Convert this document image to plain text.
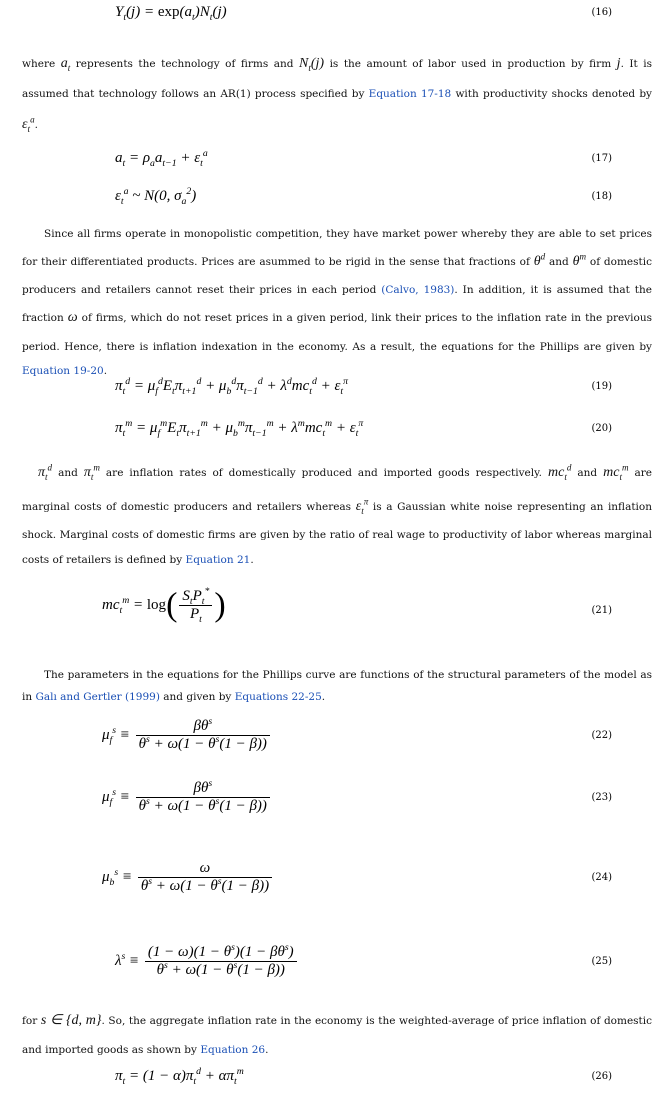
$Y_t(j) = \exp(a_t)N_t(j)$	(16)
where $a_t$ represents the technology of firms and $N_t(j)$ is the amount of labor used in production by firm j. It is assumed that technology follows an AR(1) process specified by Equation 17-18 with productivity shocks denoted by $\varepsilon_t^a$.
$a_t = \rho_aa_{t-1} + \varepsilon_t^a$	(17)
$\varepsilon_t^a$ ~ N(0, $\sigma_a^2$)	(18)
Since all firms operate in monopolistic competition, they have market power whereby they are able to set prices for their differentiated products. Prices are asummed to be rigid in the sense that fractions of $\theta^d$ and $\theta^m$ of domestic producers and retailers cannot reset their prices in each period (Calvo, 1983). In addition, it is assumed that the fraction ω of firms, which do not reset prices in a given period, link their prices to the inflation rate in the previous period. Hence, there is inflation indexation in the economy. As a result, the equations for the Phillips are given by Equation 19-20.
$\pi_t^d = \mu_f^dE_t\pi_{t+1}^d + \mu_b^d\pi_{t-1}^d + \lambda^dmc_t^d + \varepsilon_t^\pi$	(19)
$\pi_t^m = \mu_f^mE_t\pi_{t+1}^m + \mu_b^m\pi_{t-1}^m + \lambda^mmc_t^m + \varepsilon_t^\pi$	(20)
$\pi_t^d$ and $\pi_t^m$ are inflation rates of domestically produced and imported goods respectively. $mc_t^d$ and $mc_t^m$ are marginal costs of domestic producers and retailers whereas $\varepsilon_t^\pi$ is a Gaussian white noise representing an inflation shock. Marginal costs of domestic firms are given by the ratio of real wage to productivity of labor whereas marginal costs of retailers is defined by Equation 21.
$mc_t^m = \log( \frac{S_tP_t^*}{P_t}$ )	(21)
The parameters in the equations for the Phillips curve are functions of the structural parameters of the model as in Galı and Gertler (1999) and given by Equations 22-25.
$\mu_f^s \equiv \frac{\beta\theta^s}{\theta^s + \omega(1 - \theta^s(1 - \beta))}$	(22)
$\mu_f^s \equiv \frac{\beta\theta^s}{\theta^s + \omega(1 - \theta^s(1 - \beta))}$	(23)
$\mu_b^s \equiv \frac{\omega}{\theta^s + \omega(1 - \theta^s(1 - \beta))}$	(24)
$\lambda^s \equiv \frac{(1 - \omega)(1 - \theta^s)(1 - \beta\theta^s)}{\theta^s + \omega(1 - \theta^s(1 - \beta))}$	(25)
for s ∈ {d, m}. So, the aggregate inflation rate in the economy is the weighted-average of price inflation of domestic and imported goods as shown by Equation 26.
$\pi_t = (1 - \alpha)\pi_t^d + \alpha\pi_t^m$	(26)
